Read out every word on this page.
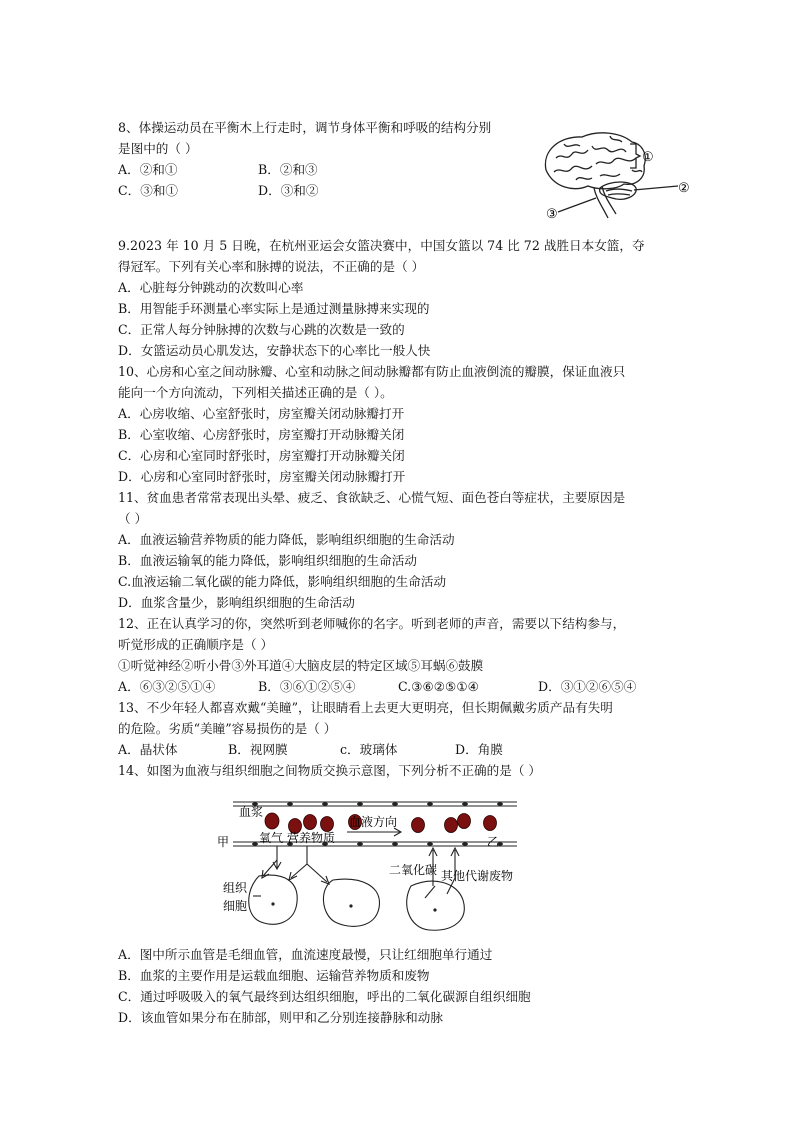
8、体操运动员在平衡木上行走时，调节身体平衡和呼吸的结构分别
是图中的（ ）
A．②和①	B．②和③
C．③和①	D．③和②
①
②
③
9.2023 年 10 月 5 日晚，在杭州亚运会女篮决赛中，中国女篮以 74 比 72 战胜日本女篮，夺
得冠军。下列有关心率和脉搏的说法，不正确的是（ ）
A．心脏每分钟跳动的次数叫心率
B．用智能手环测量心率实际上是通过测量脉搏来实现的
C．正常人每分钟脉搏的次数与心跳的次数是一致的
D．女篮运动员心肌发达，安静状态下的心率比一般人快
10、心房和心室之间动脉瓣、心室和动脉之间动脉瓣都有防止血液倒流的瓣膜，保证血液只
能向一个方向流动，下列相关描述正确的是（ ）。
A．心房收缩、心室舒张时，房室瓣关闭动脉瓣打开
B．心室收缩、心房舒张时，房室瓣打开动脉瓣关闭
C．心房和心室同时舒张时，房室瓣打开动脉瓣关闭
D．心房和心室同时舒张时，房室瓣关闭动脉瓣打开
11、贫血患者常常表现出头晕、疲乏、食欲缺乏、心慌气短、面色苍白等症状，主要原因是
（ ）
A．血液运输营养物质的能力降低，影响组织细胞的生命活动
B．血液运输氧的能力降低，影响组织细胞的生命活动
C.血液运输二氧化碳的能力降低，影响组织细胞的生命活动
D．血浆含量少，影响组织细胞的生命活动
12、正在认真学习的你，突然听到老师喊你的名字。听到老师的声音，需要以下结构参与，
听觉形成的正确顺序是（ ）
①听觉神经②听小骨③外耳道④大脑皮层的特定区域⑤耳蜗⑥鼓膜
A．⑥③②⑤①④	B．③⑥①②⑤④	C.③⑥②⑤①④	D．③①②⑥⑤④
13、不少年轻人都喜欢戴“美瞳”，让眼睛看上去更大更明亮，但长期佩戴劣质产品有失明
的危险。劣质“美瞳”容易损伤的是（ ）
A．晶状体	B．视网膜	c．玻璃体	D．角膜
14、如图为血液与组织细胞之间物质交换示意图，下列分析不正确的是（ ）
血浆
血液方向
甲	乙
氧气 营养物质
二氧化碳 其他代谢废物
组织
细胞
A．图中所示血管是毛细血管，血流速度最慢，只让红细胞单行通过
B．血浆的主要作用是运载血细胞、运输营养物质和废物
C．通过呼吸吸入的氧气最终到达组织细胞，呼出的二氧化碳源自组织细胞
D．该血管如果分布在肺部，则甲和乙分别连接静脉和动脉
